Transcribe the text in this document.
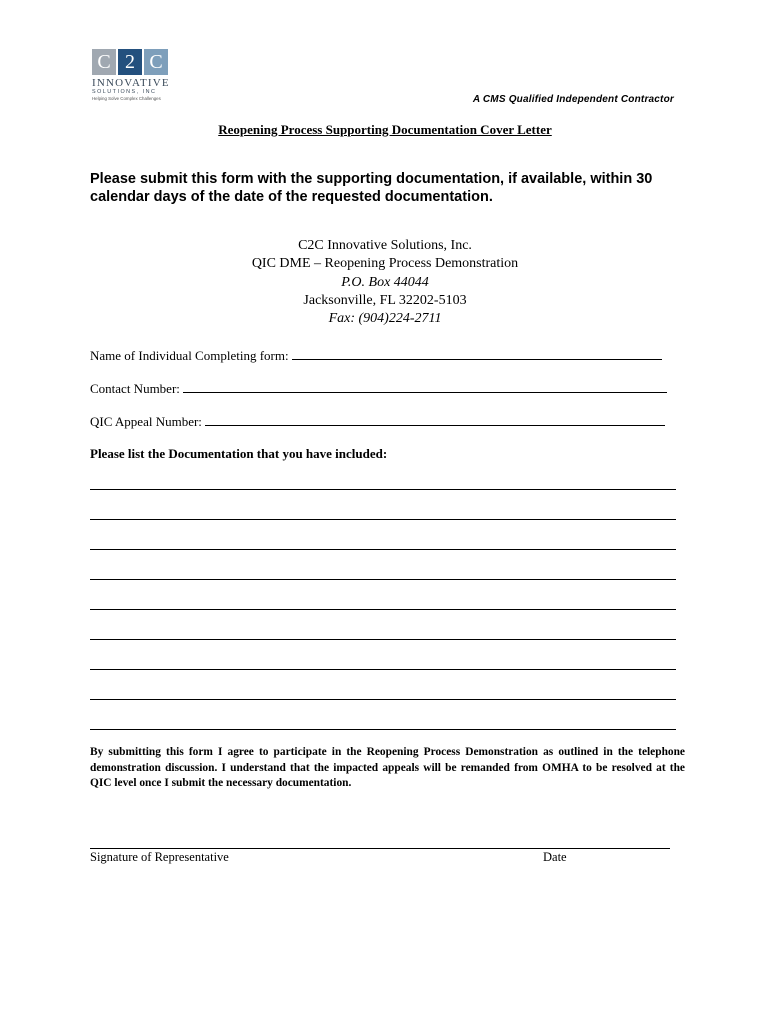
C 2 C
INNOVATIVE
SOLUTIONS, INC
Helping Solve Complex Challenges	A CMS Qualified Independent Contractor
Reopening Process Supporting Documentation Cover Letter
Please submit this form with the supporting documentation, if available, within 30 calendar days of the date of the requested documentation.
C2C Innovative Solutions, Inc.
QIC DME – Reopening Process Demonstration
P.O. Box 44044
Jacksonville, FL 32202-5103
Fax: (904)224-2711
Name of Individual Completing form:
Contact Number:
QIC Appeal Number:
Please list the Documentation that you have included:
By submitting this form I agree to participate in the Reopening Process Demonstration as outlined in the telephone demonstration discussion. I understand that the impacted appeals will be remanded from OMHA to be resolved at the QIC level once I submit the necessary documentation.
Signature of Representative	Date
